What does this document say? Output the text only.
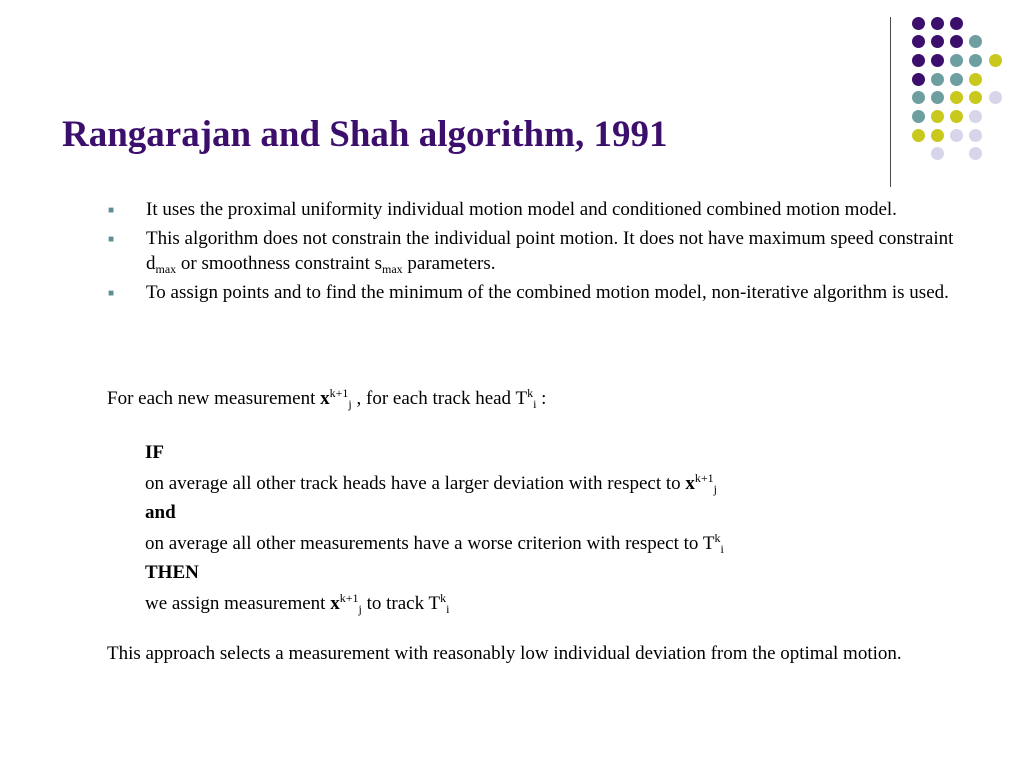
Rangarajan and Shah algorithm, 1991
■ It uses the proximal uniformity individual motion model and conditioned combined motion model.
■ This algorithm does not constrain the individual point motion. It does not have maximum speed constraint $d_{max}$ or smoothness constraint $s_{max}$ parameters.
■ To assign points and to find the minimum of the combined motion model, non-iterative algorithm is used.
For each new measurement $x^{k+1}_j$ , for each track head $T^k_i$ :
IF
on average all other track heads have a larger deviation with respect to $x^{k+1}_j$
and
on average all other measurements have a worse criterion with respect to $T^k_i$
THEN
we assign measurement $x^{k+1}_j$ to track $T^k_i$
This approach selects a measurement with reasonably low individual deviation from the optimal motion.
